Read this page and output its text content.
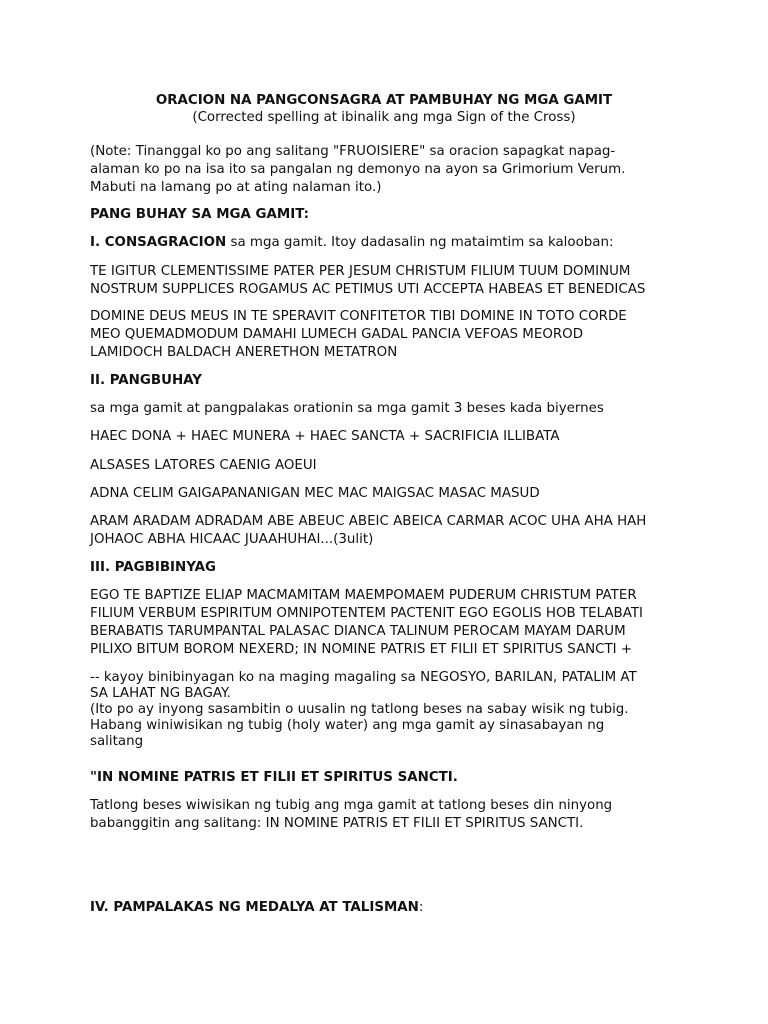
ORACION NA PANGCONSAGRA AT PAMBUHAY NG MGA GAMIT

(Corrected spelling at ibinalik ang mga Sign of the Cross)

(Note: Tinanggal ko po ang salitang "FRUOISIERE" sa oracion sapagkat napag-
alaman ko po na isa ito sa pangalan ng demonyo na ayon sa Grimorium Verum.
Mabuti na lamang po at ating nalaman ito.)

PANG BUHAY SA MGA GAMIT:

I. CONSAGRACION sa mga gamit. Itoy dadasalin ng mataimtim sa kalooban:

TE IGITUR CLEMENTISSIME PATER PER JESUM CHRISTUM FILIUM TUUM DOMINUM
NOSTRUM SUPPLICES ROGAMUS AC PETIMUS UTI ACCEPTA HABEAS ET BENEDICAS

DOMINE DEUS MEUS IN TE SPERAVIT CONFITETOR TIBI DOMINE IN TOTO CORDE
MEO QUEMADMODUM DAMAHI LUMECH GADAL PANCIA VEFOAS MEOROD
LAMIDOCH BALDACH ANERETHON METATRON

II. PANGBUHAY

sa mga gamit at pangpalakas orationin sa mga gamit 3 beses kada biyernes

HAEC DONA + HAEC MUNERA + HAEC SANCTA + SACRIFICIA ILLIBATA

ALSASES LATORES CAENIG AOEUI

ADNA CELIM GAIGAPANANIGAN MEC MAC MAIGSAC MASAC MASUD

ARAM ARADAM ADRADAM ABE ABEUC ABEIC ABEICA CARMAR ACOC UHA AHA HAH
JOHAOC ABHA HICAAC JUAAHUHAI...(3ulit)

III. PAGBIBINYAG

EGO TE BAPTIZE ELIAP MACMAMITAM MAEMPOMAEM PUDERUM CHRISTUM PATER
FILIUM VERBUM ESPIRITUM OMNIPOTENTEM PACTENIT EGO EGOLIS HOB TELABATI
BERABATIS TARUMPANTAL PALASAC DIANCA TALINUM PEROCAM MAYAM DARUM
PILIXO BITUM BOROM NEXERD; IN NOMINE PATRIS ET FILII ET SPIRITUS SANCTI +

-- kayoy binibinyagan ko na maging magaling sa NEGOSYO, BARILAN, PATALIM AT
SA LAHAT NG BAGAY.
(Ito po ay inyong sasambitin o uusalin ng tatlong beses na sabay wisik ng tubig.
Habang winiwisikan ng tubig (holy water) ang mga gamit ay sinasabayan ng
salitang

"IN NOMINE PATRIS ET FILII ET SPIRITUS SANCTI.

Tatlong beses wiwisikan ng tubig ang mga gamit at tatlong beses din ninyong
babanggitin ang salitang: IN NOMINE PATRIS ET FILII ET SPIRITUS SANCTI.

IV. PAMPALAKAS NG MEDALYA AT TALISMAN:
